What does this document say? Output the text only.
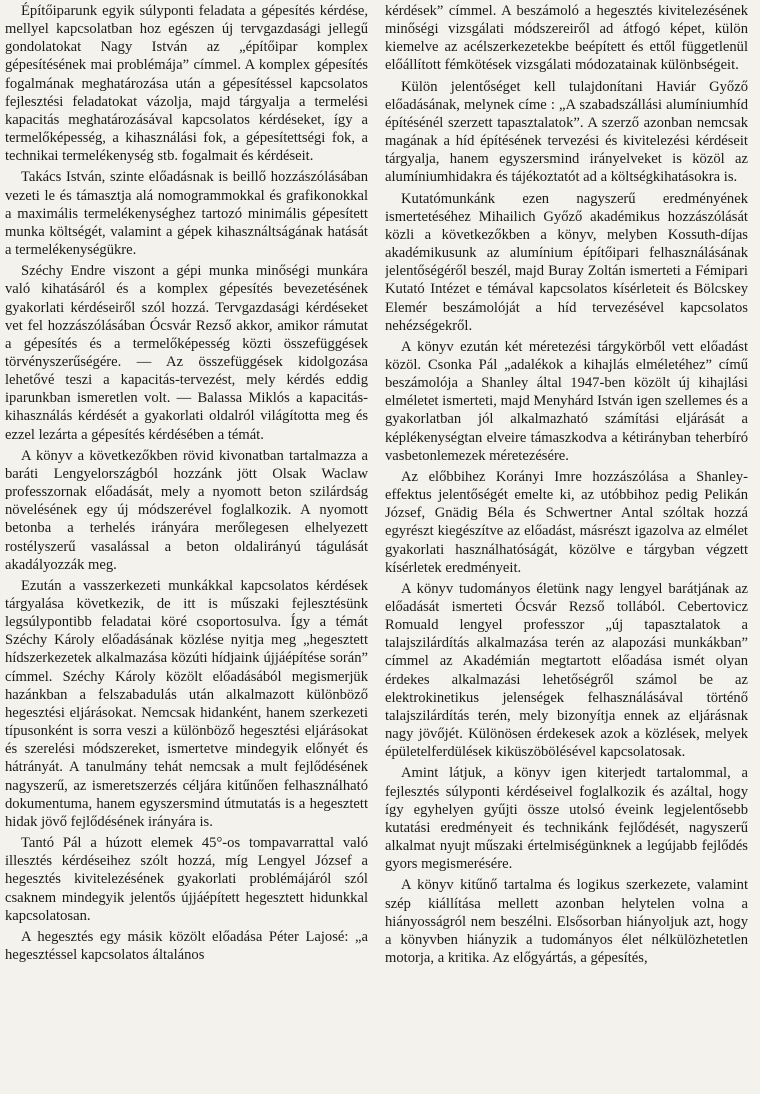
Építőiparunk egyik súlyponti feladata a gépesítés kérdése, mellyel kapcsolatban hoz egészen új tervgazdasági jellegű gondolatokat Nagy István az „építőipar komplex gépesítésének mai problémája” címmel. A komplex gépesítés fogalmának meghatározása után a gépesítéssel kapcsolatos fejlesztési feladatokat vázolja, majd tárgyalja a termelési kapacitás meghatározásával kapcsolatos kérdéseket, így a termelőképesség, a kihasználási fok, a gépesítettségi fok, a technikai termelékenység stb. fogalmait és kérdéseit.

Takács István, szinte előadásnak is beillő hozzászólásában vezeti le és támasztja alá nomogrammokkal és grafikonokkal a maximális termelékenységhez tartozó minimális gépesített munka költségét, valamint a gépek kihasználtságának hatását a termelékenységükre.

Széchy Endre viszont a gépi munka minőségi munkára való kihatásáról és a komplex gépesítés bevezetésének gyakorlati kérdéseiről szól hozzá. Tervgazdasági kérdéseket vet fel hozzászólásában Ócsvár Rezső akkor, amikor rámutat a gépesítés és a termelőképesség közti összefüggések törvényszerűségére. — Az összefüggések kidolgozása lehetővé teszi a kapacitás-tervezést, mely kérdés eddig iparunkban ismeretlen volt. — Balassa Miklós a kapacitás-kihasználás kérdését a gyakorlati oldalról világította meg és ezzel lezárta a gépesítés kérdésében a témát.

A könyv a következőkben rövid kivonatban tartalmazza a baráti Lengyelországból hozzánk jött Olsak Waclaw professzornak előadását, mely a nyomott beton szilárdság növelésének egy új módszerével foglalkozik. A nyomott betonba a terhelés irányára merőlegesen elhelyezett rostélyszerű vasalással a beton oldalirányú tágulását akadályozzák meg.

Ezután a vasszerkezeti munkákkal kapcsolatos kérdések tárgyalása következik, de itt is műszaki fejlesztésünk legsúlypontibb feladatai köré csoportosulva. Így a témát Széchy Károly előadásának közlése nyitja meg „hegesztett hídszerkezetek alkalmazása közúti hídjaink újjáépítése során” címmel. Széchy Károly közölt előadásából megismerjük hazánkban a felszabadulás után alkalmazott különböző hegesztési eljárásokat. Nemcsak hidanként, hanem szerkezeti típusonként is sorra veszi a különböző hegesztési eljárásokat és szerelési módszereket, ismertetve mindegyik előnyét és hátrányát. A tanulmány tehát nemcsak a mult fejlődésének nagyszerű, az ismeretszerzés céljára kitűnően felhasználható dokumentuma, hanem egyszersmind útmutatás is a hegesztett hidak jövő fejlődésének irányára is.

Tantó Pál a húzott elemek 45°-os tompavarrattal való illesztés kérdéseihez szólt hozzá, míg Lengyel József a hegesztés kivitelezésének gyakorlati problémájáról szól csaknem mindegyik jelentős újjáépített hegesztett hidunkkal kapcsolatosan.

A hegesztés egy másik közölt előadása Péter Lajosé: „a hegesztéssel kapcsolatos általános

kérdések” címmel. A beszámoló a hegesztés kivitelezésének minőségi vizsgálati módszereiről ad átfogó képet, külön kiemelve az acélszerkezetekbe beépített és ettől függetlenül előállított fémkötések vizsgálati módozatainak különbségeit.

Külön jelentőséget kell tulajdonítani Haviár Győző előadásának, melynek címe : „A szabadszállási alumíniumhíd építésénél szerzett tapasztalatok”. A szerző azonban nemcsak magának a híd építésének tervezési és kivitelezési kérdéseit tárgyalja, hanem egyszersmind irányelveket is közöl az alumíniumhidakra és tájékoztatót ad a költségkihatásokra is.

Kutatómunkánk ezen nagyszerű eredményének ismertetéséhez Mihailich Győző akadémikus hozzászólását közli a következőkben a könyv, melyben Kossuth-díjas akadémikusunk az alumínium építőipari felhasználásának jelentőségéről beszél, majd Buray Zoltán ismerteti a Fémipari Kutató Intézet e témával kapcsolatos kísérleteit és Bölcskey Elemér beszámolóját a híd tervezésével kapcsolatos nehézségekről.

A könyv ezután két méretezési tárgykörből vett előadást közöl. Csonka Pál „adalékok a kihajlás elméletéhez” című beszámolója a Shanley által 1947-ben közölt új kihajlási elméletet ismerteti, majd Menyhárd István igen szellemes és a gyakorlatban jól alkalmazható számítási eljárását a képlékenységtan elveire támaszkodva a kétirányban teherbíró vasbetonlemezek méretezésére.

Az előbbihez Korányi Imre hozzászólása a Shanley-effektus jelentőségét emelte ki, az utóbbihoz pedig Pelikán József, Gnädig Béla és Schwertner Antal szóltak hozzá egyrészt kiegészítve az előadást, másrészt igazolva az elmélet gyakorlati használhatóságát, közölve e tárgyban végzett kísérletek eredményeit.

A könyv tudományos életünk nagy lengyel barátjának az előadását ismerteti Ócsvár Rezső tollából. Cebertovicz Romuald lengyel professzor „új tapasztalatok a talajszilárdítás alkalmazása terén az alapozási munkákban” címmel az Akadémián megtartott előadása ismét olyan érdekes alkalmazási lehetőségről számol be az elektrokinetikus jelenségek felhasználásával történő talajszilárdítás terén, mely bizonyítja ennek az eljárásnak nagy jövőjét. Különösen érdekesek azok a közlések, melyek épületelferdülések kiküszöbölésével kapcsolatosak.

Amint látjuk, a könyv igen kiterjedt tartalommal, a fejlesztés súlyponti kérdéseivel foglalkozik és azáltal, hogy így egyhelyen gyűjti össze utolsó éveink legjelentősebb kutatási eredményeit és technikánk fejlődését, nagyszerű alkalmat nyujt műszaki értelmiségünknek a legújabb fejlődés gyors megismerésére.

A könyv kitűnő tartalma és logikus szerkezete, valamint szép kiállítása mellett azonban helytelen volna a hiányosságról nem beszélni. Elsősorban hiányoljuk azt, hogy a könyvben hiányzik a tudományos élet nélkülözhetetlen motorja, a kritika. Az előgyártás, a gépesítés,
